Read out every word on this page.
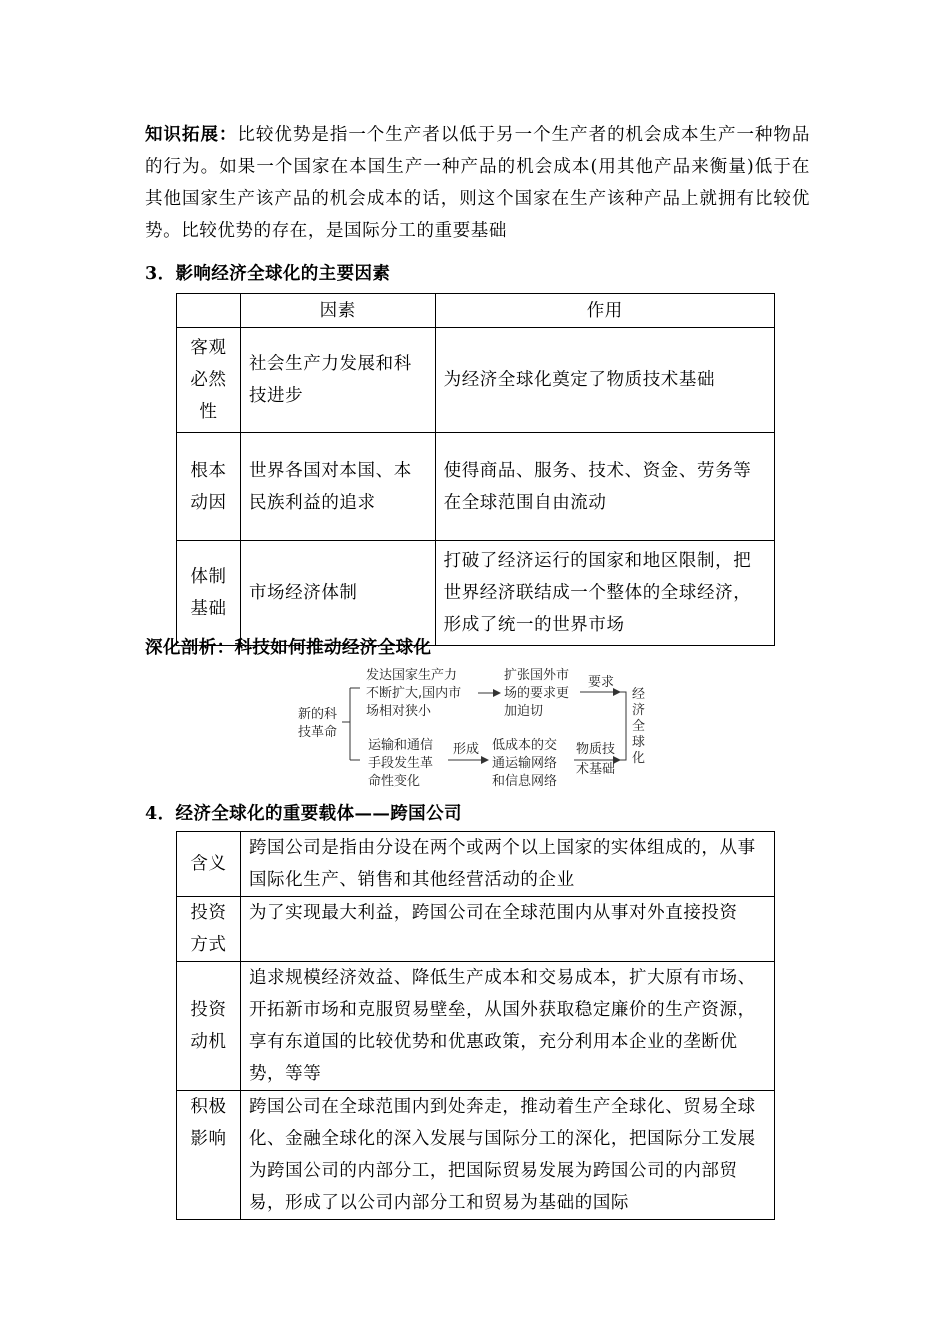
知识拓展：比较优势是指一个生产者以低于另一个生产者的机会成本生产一种物品的行为。如果一个国家在本国生产一种产品的机会成本(用其他产品来衡量)低于在其他国家生产该产品的机会成本的话，则这个国家在生产该种产品上就拥有比较优势。比较优势的存在，是国际分工的重要基础
3．影响经济全球化的主要因素
	因素	作用
客观必然性	社会生产力发展和科技进步	为经济全球化奠定了物质技术基础
根本动因	世界各国对本国、本民族利益的追求	使得商品、服务、技术、资金、劳务等在全球范围自由流动
体制基础	市场经济体制	打破了经济运行的国家和地区限制，把世界经济联结成一个整体的全球经济，形成了统一的世界市场
深化剖析：科技如何推动经济全球化
新的科
技革命
发达国家生产力
不断扩大,国内市
场相对狭小
扩张国外市
场的要求更
加迫切
要求
运输和通信
手段发生革
命性变化
形成 低成本的交
通运输网络
和信息网络
物质技
术基础
经
济
全
球
化
4．经济全球化的重要载体——跨国公司
含义	跨国公司是指由分设在两个或两个以上国家的实体组成的，从事国际化生产、销售和其他经营活动的企业
投资方式	为了实现最大利益，跨国公司在全球范围内从事对外直接投资
投资动机	追求规模经济效益、降低生产成本和交易成本，扩大原有市场、开拓新市场和克服贸易壁垒，从国外获取稳定廉价的生产资源，享有东道国的比较优势和优惠政策，充分利用本企业的垄断优势，等等
积极影响	跨国公司在全球范围内到处奔走，推动着生产全球化、贸易全球化、金融全球化的深入发展与国际分工的深化，把国际分工发展为跨国公司的内部分工，把国际贸易发展为跨国公司的内部贸易，形成了以公司内部分工和贸易为基础的国际
